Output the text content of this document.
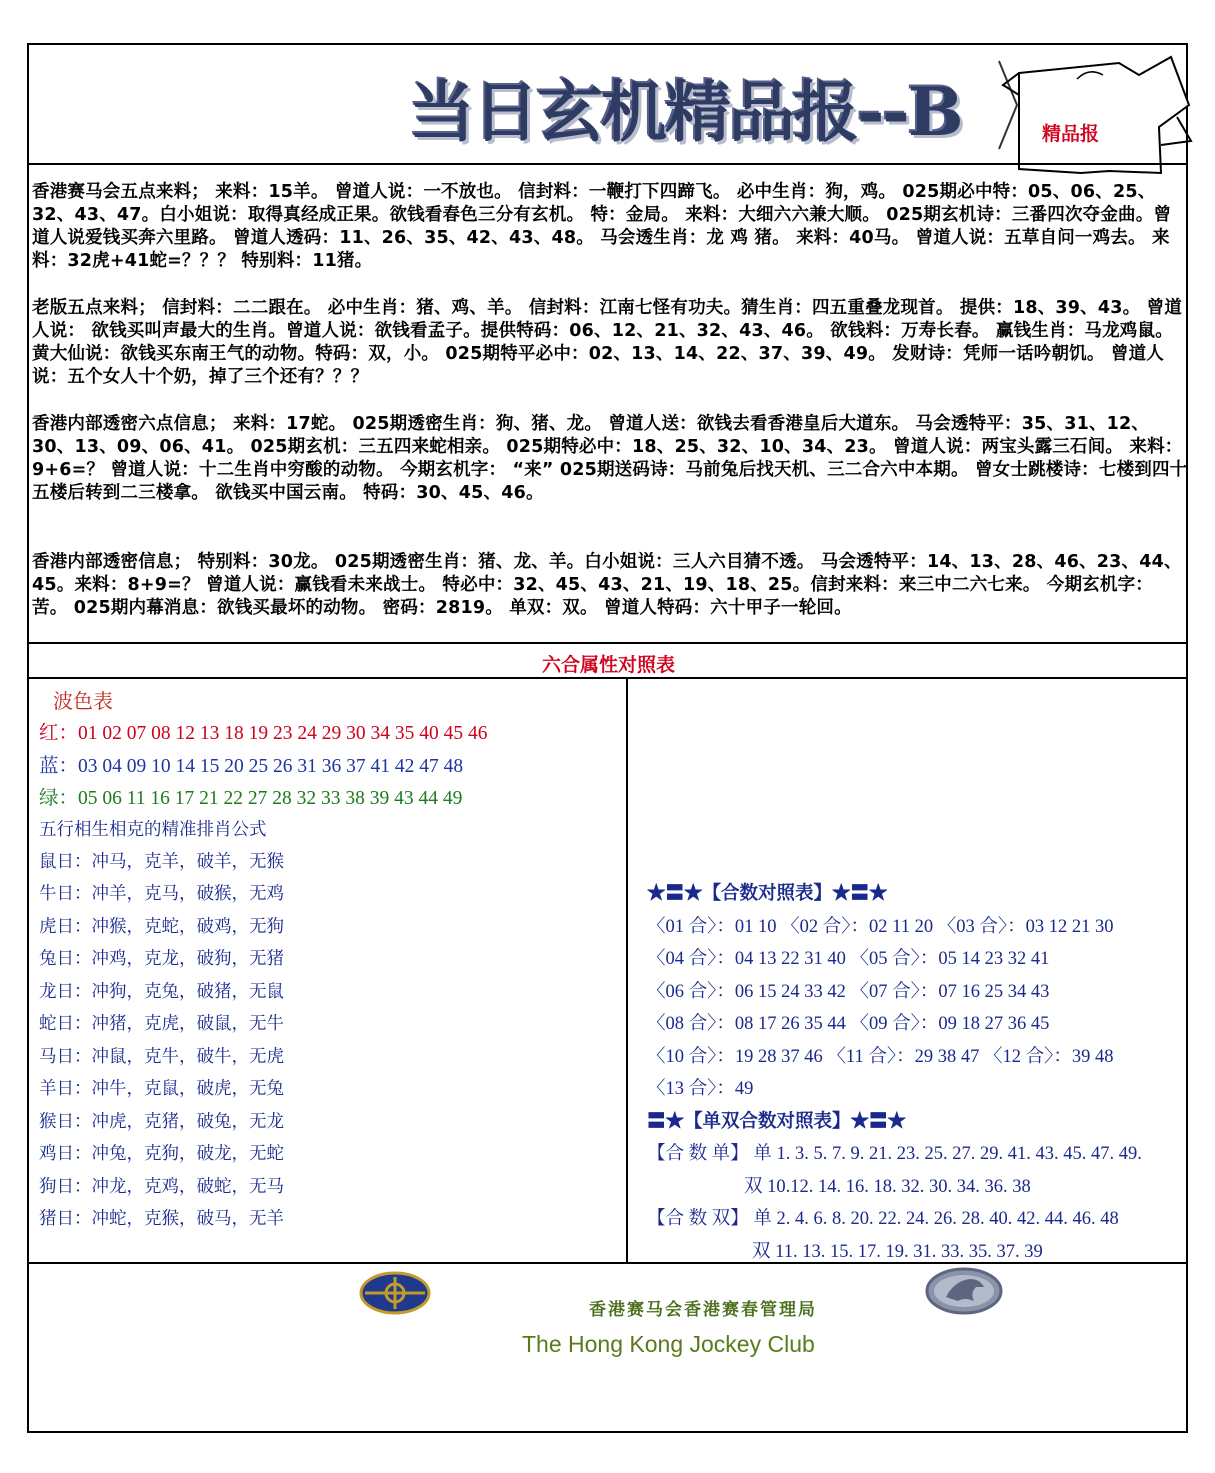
当日玄机精品报--B	精品报

香港赛马会五点来料； 来料：15羊。 曾道人说：一不放也。 信封料：一鞭打下四蹄飞。 必中生肖：狗，鸡。 025期必中特：05、06、25、32、43、47。白小姐说：取得真经成正果。欲钱看春色三分有玄机。 特：金局。 来料：大细六六兼大顺。 025期玄机诗：三番四次夺金曲。曾道人说爱钱买奔六里路。 曾道人透码：11、26、35、42、43、48。 马会透生肖：龙 鸡 猪。 来料：40马。 曾道人说：五草自问一鸡去。 来料：32虎+41蛇=？？？ 特别料：11猪。

老版五点来料； 信封料：二二跟在。 必中生肖：猪、鸡、羊。 信封料：江南七怪有功夫。猜生肖：四五重叠龙现首。 提供：18、39、43。 曾道人说： 欲钱买叫声最大的生肖。曾道人说：欲钱看孟子。提供特码：06、12、21、32、43、46。 欲钱料：万寿长春。 赢钱生肖：马龙鸡鼠。 黄大仙说：欲钱买东南王气的动物。特码：双，小。 025期特平必中：02、13、14、22、37、39、49。 发财诗：凭师一话吟朝饥。 曾道人说：五个女人十个奶，掉了三个还有？？？

香港内部透密六点信息； 来料：17蛇。 025期透密生肖：狗、猪、龙。 曾道人送：欲钱去看香港皇后大道东。 马会透特平：35、31、12、30、13、09、06、41。 025期玄机：三五四来蛇相亲。 025期特必中：18、25、32、10、34、23。 曾道人说：两宝头露三石间。 来料：9+6=？ 曾道人说：十二生肖中穷酸的动物。 今期玄机字： “来” 025期送码诗：马前兔后找天机、三二合六中本期。 曾女士跳楼诗：七楼到四十五楼后转到二三楼拿。 欲钱买中国云南。 特码：30、45、46。

香港内部透密信息； 特别料：30龙。 025期透密生肖：猪、龙、羊。白小姐说：三人六目猜不透。 马会透特平：14、13、28、46、23、44、45。来料：8+9=？ 曾道人说：赢钱看未来战士。 特必中：32、45、43、21、19、18、25。信封来料：来三中二六七来。 今期玄机字：苦。 025期内幕消息：欲钱买最坏的动物。 密码：2819。 单双：双。 曾道人特码：六十甲子一轮回。

六合属性对照表
波色表
红：01 02 07 08 12 13 18 19 23 24 29 30 34 35 40 45 46
蓝：03 04 09 10 14 15 20 25 26 31 36 37 41 42 47 48
绿：05 06 11 16 17 21 22 27 28 32 33 38 39 43 44 49
五行相生相克的精准排肖公式
鼠日：冲马，克羊，破羊，无猴
牛日：冲羊，克马，破猴，无鸡
虎日：冲猴，克蛇，破鸡，无狗
兔日：冲鸡，克龙，破狗，无猪
龙日：冲狗，克兔，破猪，无鼠
蛇日：冲猪，克虎，破鼠，无牛
马日：冲鼠，克牛，破牛，无虎
羊日：冲牛，克鼠，破虎，无兔
猴日：冲虎，克猪，破兔，无龙
鸡日：冲兔，克狗，破龙，无蛇
狗日：冲龙，克鸡，破蛇，无马
猪日：冲蛇，克猴，破马，无羊
★〓★【合数对照表】★〓★
〈01 合〉：01 10 〈02 合〉：02 11 20 〈03 合〉：03 12 21 30
〈04 合〉：04 13 22 31 40 〈05 合〉：05 14 23 32 41
〈06 合〉：06 15 24 33 42 〈07 合〉：07 16 25 34 43
〈08 合〉：08 17 26 35 44 〈09 合〉：09 18 27 36 45
〈10 合〉：19 28 37 46 〈11 合〉：29 38 47 〈12 合〉：39 48
〈13 合〉：49
〓★【单双合数对照表】★〓★
【合 数 单】 单 1. 3. 5. 7. 9. 21. 23. 25. 27. 29. 41. 43. 45. 47. 49.
双 10.12. 14. 16. 18. 32. 30. 34. 36. 38
【合 数 双】 单 2. 4. 6. 8. 20. 22. 24. 26. 28. 40. 42. 44. 46. 48
双 11. 13. 15. 17. 19. 31. 33. 35. 37. 39
香港赛马会香港赛春管理局
The Hong Kong Jockey Club
